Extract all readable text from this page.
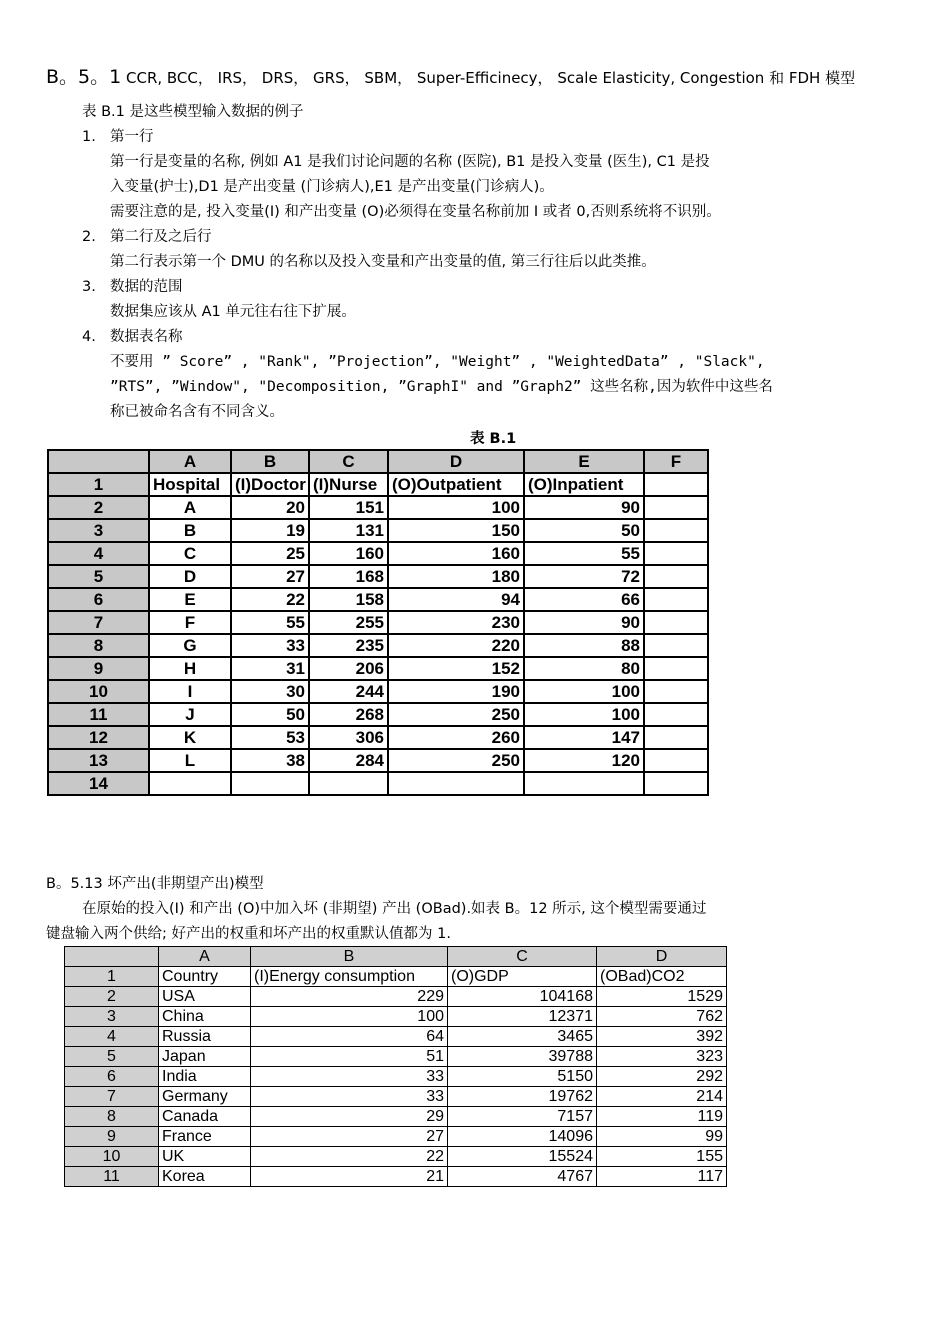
B。5。1 CCR, BCC， IRS， DRS， GRS， SBM， Super-Efficinecy， Scale Elasticity, Congestion 和 FDH 模型
表 B.1 是这些模型输入数据的例子
1. 第一行
第一行是变量的名称, 例如 A1 是我们讨论问题的名称 (医院), B1 是投入变量 (医生), C1 是投
入变量(护士),D1 是产出变量 (门诊病人),E1 是产出变量(门诊病人)。
需要注意的是, 投入变量(I) 和产出变量 (O)必须得在变量名称前加 I 或者 0,否则系统将不识别。
2. 第二行及之后行
第二行表示第一个 DMU 的名称以及投入变量和产出变量的值, 第三行往后以此类推。
3. 数据的范围
数据集应该从 A1 单元往右往下扩展。
4. 数据表名称
不要用 ” Score” , "Rank", ”Projection”, "Weight” , "WeightedData” , "Slack",
”RTS”, ”Window", "Decomposition, ”GraphI" and ”Graph2” 这些名称,因为软件中这些名
称已被命名含有不同含义。
表 B.1
	A	B	C	D	E	F
1	Hospital	(I)Doctor	(I)Nurse	(O)Outpatient	(O)Inpatient	
2	A	20	151	100	90	
3	B	19	131	150	50	
4	C	25	160	160	55	
5	D	27	168	180	72	
6	E	22	158	94	66	
7	F	55	255	230	90	
8	G	33	235	220	88	
9	H	31	206	152	80	
10	I	30	244	190	100	
11	J	50	268	250	100	
12	K	53	306	260	147	
13	L	38	284	250	120	
14						
B。5.13 坏产出(非期望产出)模型
在原始的投入(I) 和产出 (O)中加入坏 (非期望) 产出 (OBad).如表 B。12 所示, 这个模型需要通过
键盘输入两个供给; 好产出的权重和坏产出的权重默认值都为 1.
	A	B	C	D
1	Country	(I)Energy consumption	(O)GDP	(OBad)CO2
2	USA	229	104168	1529
3	China	100	12371	762
4	Russia	64	3465	392
5	Japan	51	39788	323
6	India	33	5150	292
7	Germany	33	19762	214
8	Canada	29	7157	119
9	France	27	14096	99
10	UK	22	15524	155
11	Korea	21	4767	117
